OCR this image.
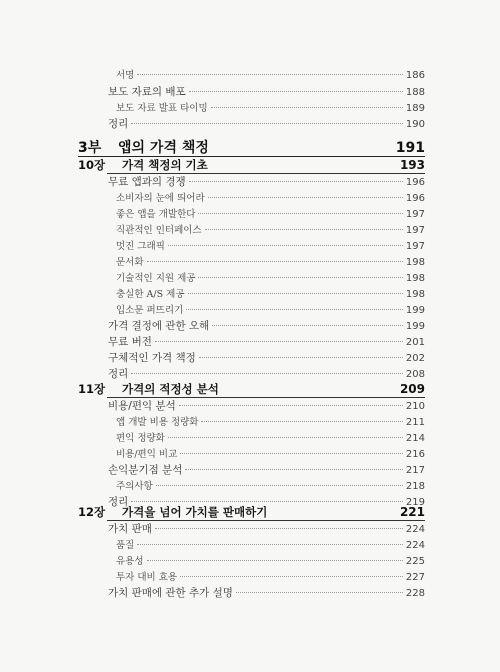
서명	186
보도 자료의 배포	188
보도 자료 발표 타이밍	189
정리	190
3부 앱의 가격 책정	191
10장 가격 책정의 기초	193
무료 앱과의 경쟁	196
소비자의 눈에 띄어라	196
좋은 앱을 개발한다	197
직관적인 인터페이스	197
멋진 그래픽	197
문서화	198
기술적인 지원 제공	198
충실한 A/S 제공	198
입소문 퍼뜨리기	199
가격 결정에 관한 오해	199
무료 버전	201
구체적인 가격 책정	202
정리	208
11장 가격의 적정성 분석	209
비용/편익 분석	210
앱 개발 비용 정량화	211
편익 정량화	214
비용/편익 비교	216
손익분기점 분석	217
주의사항	218
정리	219
12장 가격을 넘어 가치를 판매하기	221
가치 판매	224
품질	224
유용성	225
투자 대비 효용	227
가치 판매에 관한 추가 설명	228
